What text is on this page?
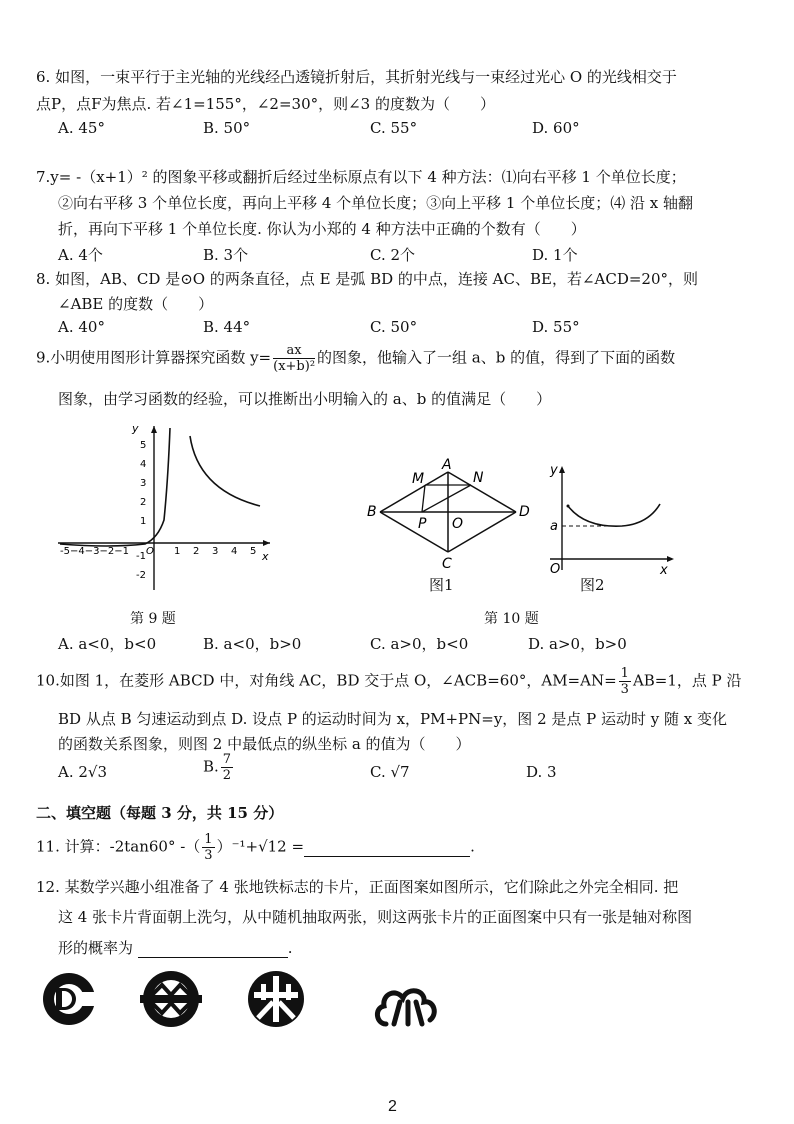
6. 如图，一束平行于主光轴的光线经凸透镜折射后，其折射光线与一束经过光心 O 的光线相交于
点P，点F为焦点. 若∠1=155°，∠2=30°，则∠3 的度数为（　　）
A. 45°	B. 50°	C. 55°	D. 60°
7.y= -（x+1）² 的图象平移或翻折后经过坐标原点有以下 4 种方法：⑴向右平移 1 个单位长度；
②向右平移 3 个单位长度，再向上平移 4 个单位长度；③向上平移 1 个单位长度；⑷ 沿 x 轴翻
折，再向下平移 1 个单位长度. 你认为小郑的 4 种方法中正确的个数有（　　）
A. 4个	B. 3个	C. 2个	D. 1个
8. 如图，AB、CD 是⊙O 的两条直径，点 E 是弧 BD 的中点，连接 AC、BE，若∠ACD=20°，则
∠ABE 的度数（　　）
A. 40°	B. 44°	C. 50°	D. 55°
9.小明使用图形计算器探究函数 $y= \frac{ax}{\text{(x+b)²}}$ 的图象，他输入了一组 a、b 的值，得到了下面的函数
图象，由学习函数的经验，可以推断出小明输入的 a、b 的值满足（　　）
y
x
5
4
3
2
1
-1
-2
1 2 3 4 5
-5−4−3−2−1 O
B
A
D
C
M	N
P O
图1
y
x
O
a
图2
第 9 题	第 10 题
A. a<0，b<0	B. a<0，b>0	C. a>0，b<0	D. a>0，b>0
10.如图 1，在菱形 ABCD 中，对角线 AC，BD 交于点 O，∠ACB=60°，$AM=AN= \frac{1}{3} AB=1$，点 P 沿
BD 从点 B 匀速运动到点 D. 设点 P 的运动时间为 x，PM+PN=y，图 2 是点 P 运动时 y 随 x 变化
的函数关系图象，则图 2 中最低点的纵坐标 a 的值为（　　）
A. 2√3	B. $\frac{7}{2}$	C. √7	D. 3
二、填空题（每题 3 分，共 15 分）
11. 计算：-2tan60° -（ $\frac{1}{3} )^{-1}+√12$ =	.
12. 某数学兴趣小组准备了 4 张地铁标志的卡片，正面图案如图所示，它们除此之外完全相同. 把
这 4 张卡片背面朝上洗匀，从中随机抽取两张，则这两张卡片的正面图案中只有一张是轴对称图
形的概率为	.
2
